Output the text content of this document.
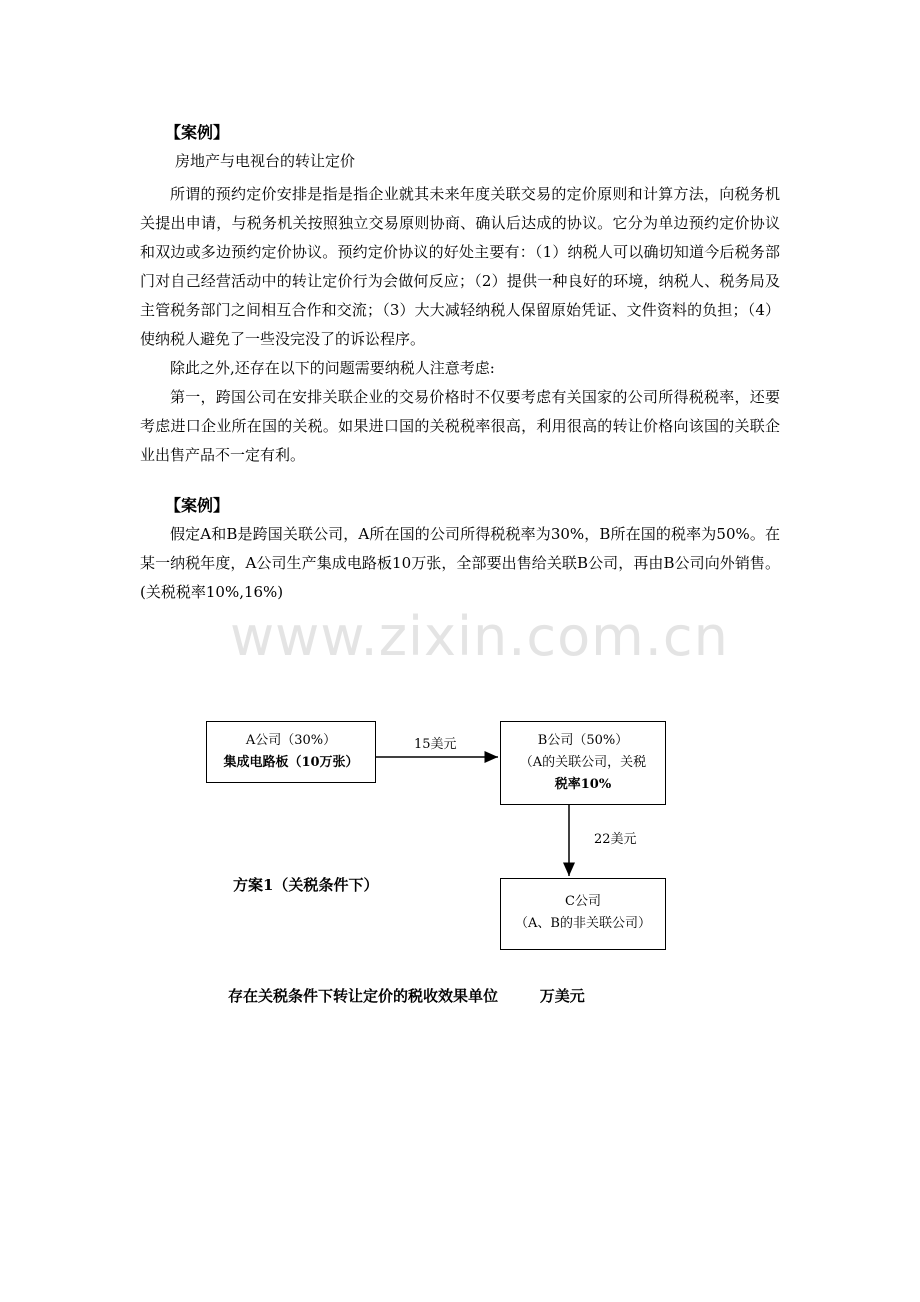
【案例】
房地产与电视台的转让定价

所谓的预约定价安排是指是指企业就其未来年度关联交易的定价原则和计算方法，向税务机关提出申请，与税务机关按照独立交易原则协商、确认后达成的协议。它分为单边预约定价协议和双边或多边预约定价协议。预约定价协议的好处主要有：（1）纳税人可以确切知道今后税务部门对自己经营活动中的转让定价行为会做何反应；（2）提供一种良好的环境，纳税人、税务局及主管税务部门之间相互合作和交流；（3）大大减轻纳税人保留原始凭证、文件资料的负担；（4）使纳税人避免了一些没完没了的诉讼程序。

除此之外,还存在以下的问题需要纳税人注意考虑:

第一，跨国公司在安排关联企业的交易价格时不仅要考虑有关国家的公司所得税税率，还要考虑进口企业所在国的关税。如果进口国的关税税率很高，利用很高的转让价格向该国的关联企业出售产品不一定有利。

【案例】

假定A和B是跨国关联公司，A所在国的公司所得税税率为30%，B所在国的税率为50%。在某一纳税年度，A公司生产集成电路板10万张，全部要出售给关联B公司，再由B公司向外销售。(关税税率10%,16%)

www.zixin.com.cn
A公司（30%）
集成电路板（10万张）
15美元	B公司（50%）
（A的关联公司，关税
税率10%
22美元
方案1（关税条件下）
C公司
（A、B的非关联公司）
存在关税条件下转让定价的税收效果单位        万美元
